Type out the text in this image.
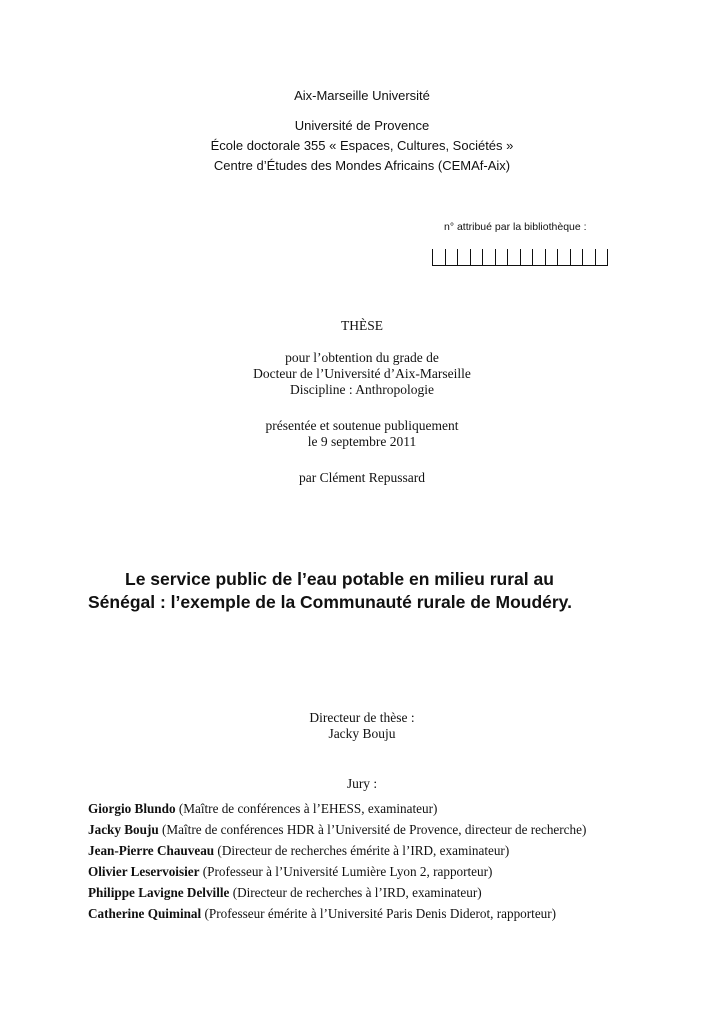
Aix-Marseille Université
Université de Provence
École doctorale 355 « Espaces, Cultures, Sociétés »
Centre d’Études des Mondes Africains (CEMAf-Aix)
n° attribué par la bibliothèque :
THÈSE
pour l’obtention du grade de
Docteur de l’Université d’Aix-Marseille
Discipline : Anthropologie
présentée et soutenue publiquement
le 9 septembre 2011
par Clément Repussard
Le service public de l’eau potable en milieu rural au
Sénégal : l’exemple de la Communauté rurale de Moudéry.
Directeur de thèse :
Jacky Bouju
Jury :
Giorgio Blundo (Maître de conférences à l’EHESS, examinateur)
Jacky Bouju (Maître de conférences HDR à l’Université de Provence, directeur de recherche)
Jean-Pierre Chauveau (Directeur de recherches émérite à l’IRD, examinateur)
Olivier Leservoisier (Professeur à l’Université Lumière Lyon 2, rapporteur)
Philippe Lavigne Delville (Directeur de recherches à l’IRD, examinateur)
Catherine Quiminal (Professeur émérite à l’Université Paris Denis Diderot, rapporteur)
